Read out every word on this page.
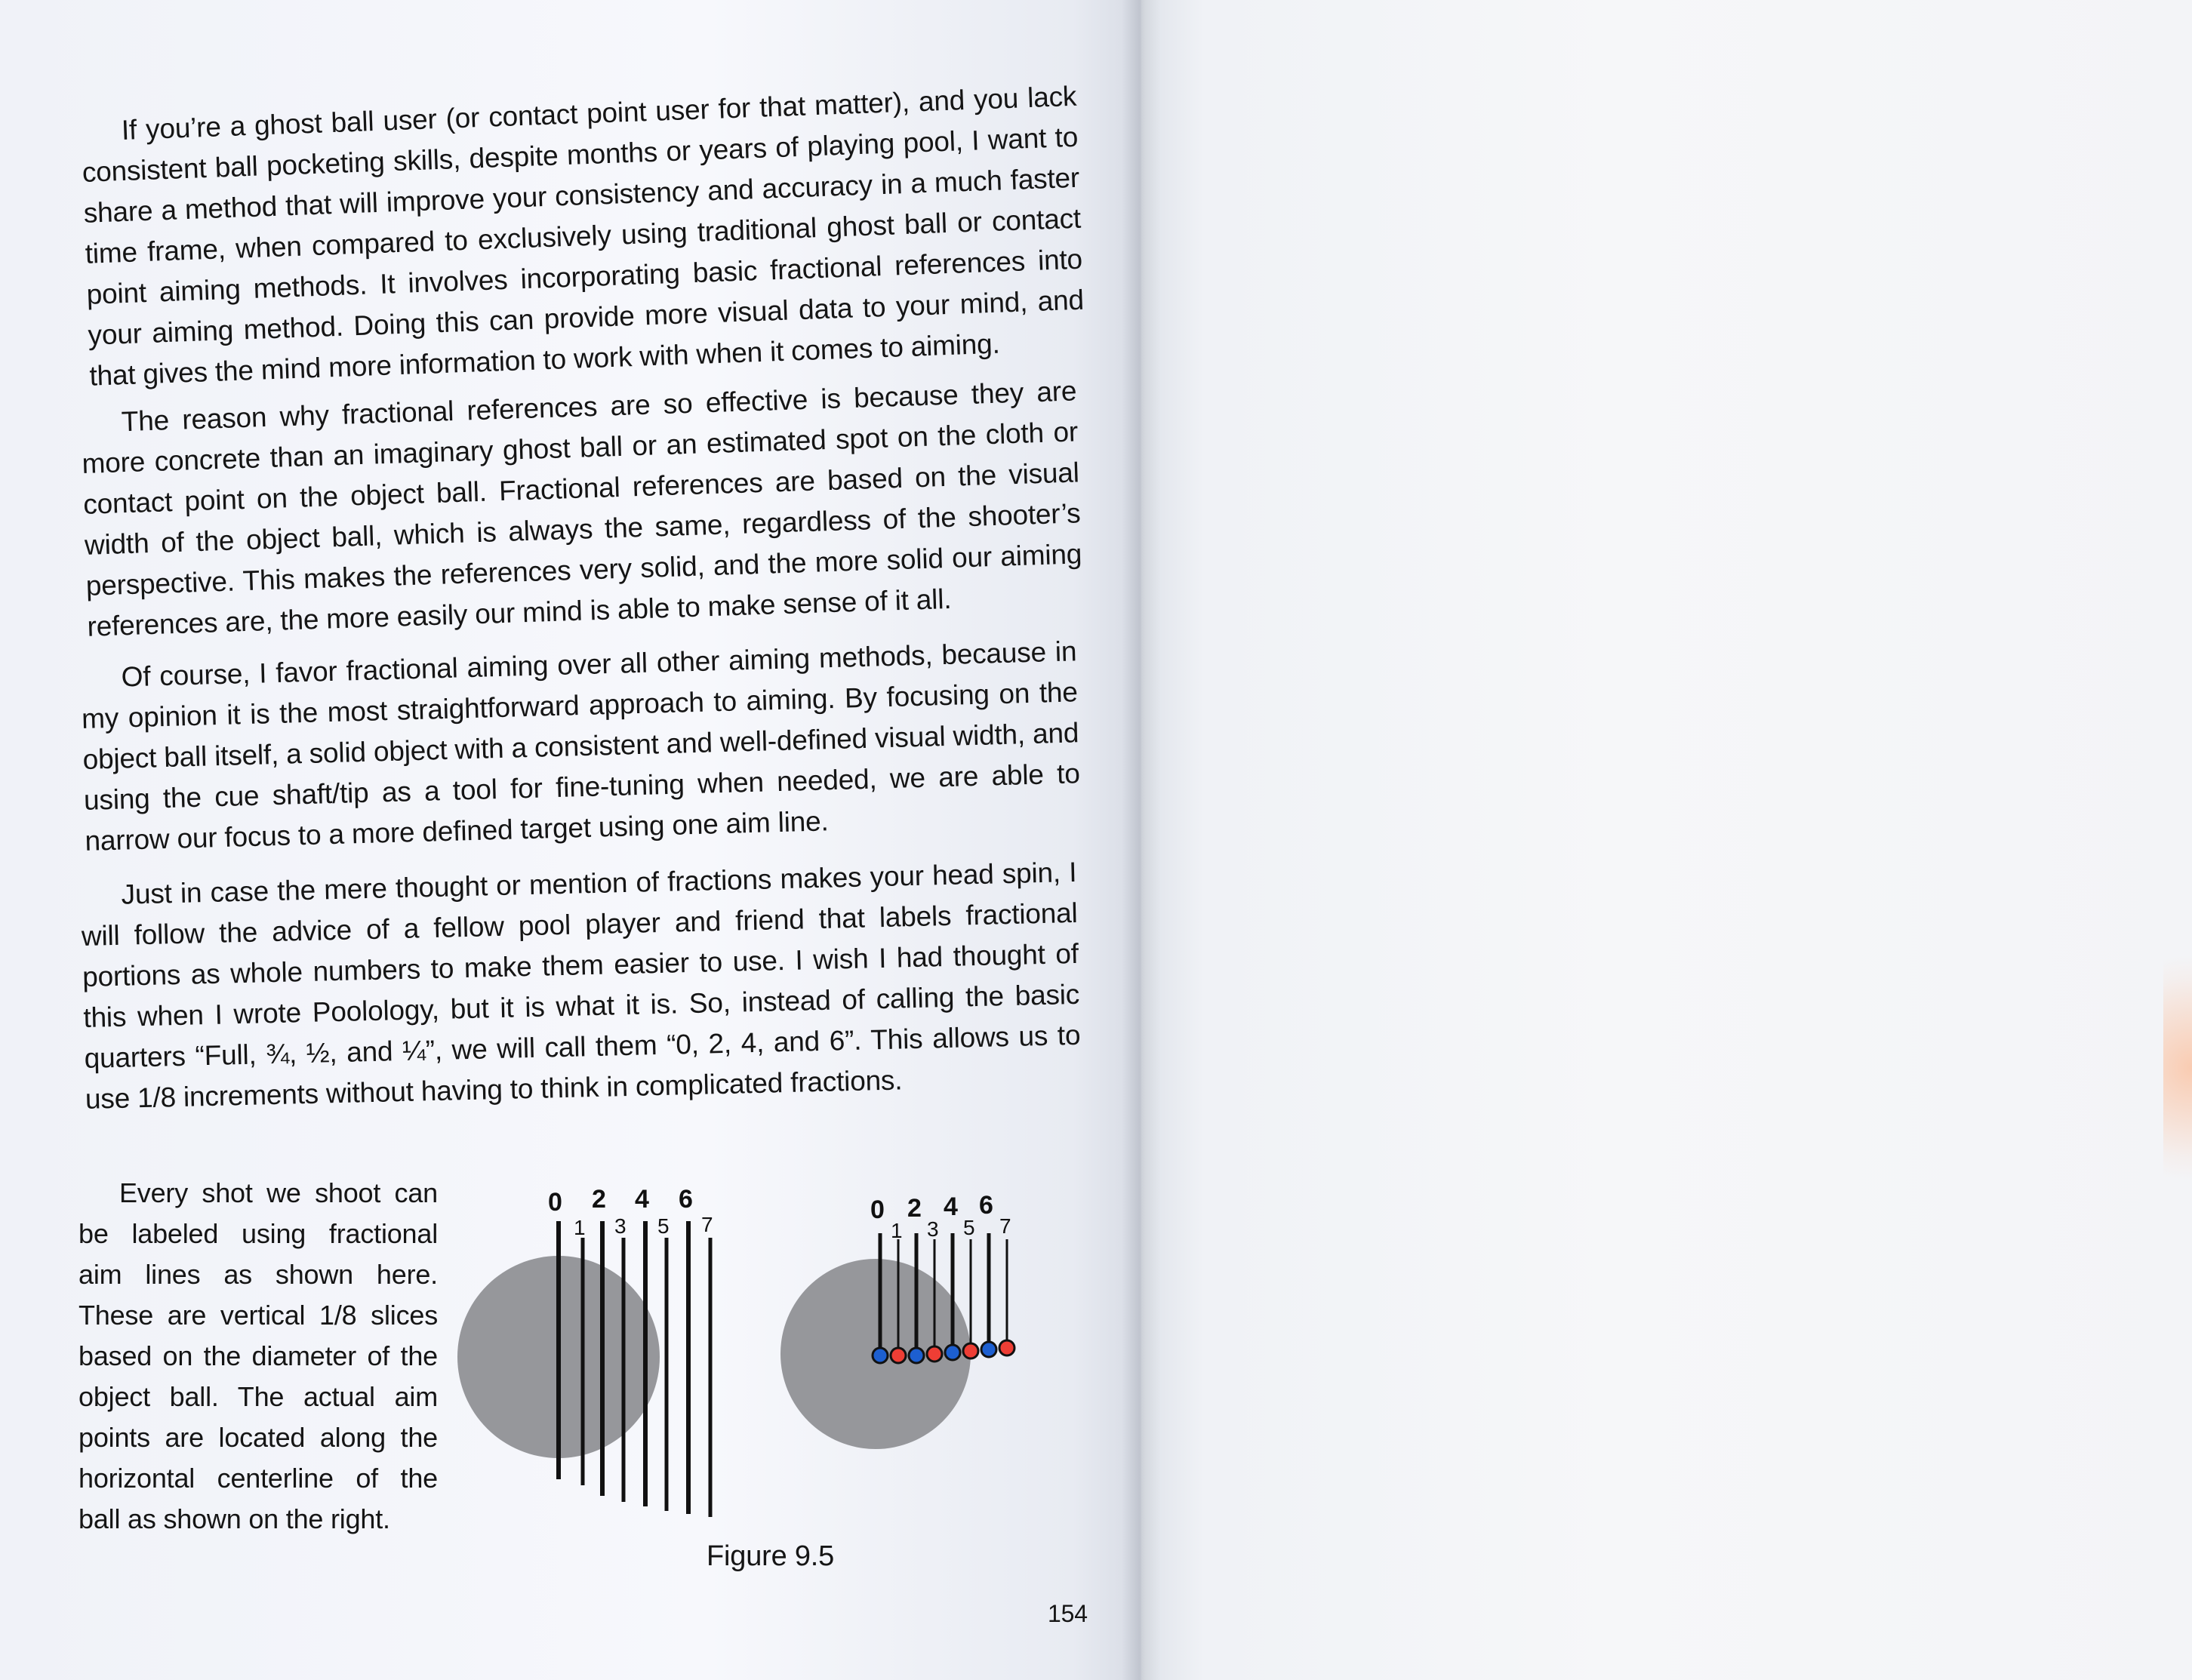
If you’re a ghost ball user (or contact point user for that matter), and you lack consistent ball pocketing skills, despite months or years of playing pool, I want to share a method that will improve your consistency and accuracy in a much faster time frame, when compared to exclusively using traditional ghost ball or contact point aiming methods. It involves incorporating basic fractional references into your aiming method. Doing this can provide more visual data to your mind, and that gives the mind more information to work with when it comes to aiming.

The reason why fractional references are so effective is because they are more concrete than an imaginary ghost ball or an estimated spot on the cloth or contact point on the object ball. Fractional references are based on the visual width of the object ball, which is always the same, regardless of the shooter’s perspective. This makes the references very solid, and the more solid our aiming references are, the more easily our mind is able to make sense of it all.

Of course, I favor fractional aiming over all other aiming methods, because in my opinion it is the most straightforward approach to aiming. By focusing on the object ball itself, a solid object with a consistent and well-defined visual width, and using the cue shaft/tip as a tool for fine-tuning when needed, we are able to narrow our focus to a more defined target using one aim line.

Just in case the mere thought or mention of fractions makes your head spin, I will follow the advice of a fellow pool player and friend that labels fractional portions as whole numbers to make them easier to use. I wish I had thought of this when I wrote Poolology, but it is what it is. So, instead of calling the basic quarters “Full, ¾, ½, and ¼”, we will call them “0, 2, 4, and 6”. This allows us to use 1/8 increments without having to think in complicated fractions.

Every shot we shoot can be labeled using fractional aim lines as shown here. These are vertical 1/8 slices based on the diameter of the object ball. The actual aim points are located along the horizontal centerline of the ball as shown on the right.

0 2 4 6
1 3 5 7
0 2 4 6
1 3 5 7
Figure 9.5
154
